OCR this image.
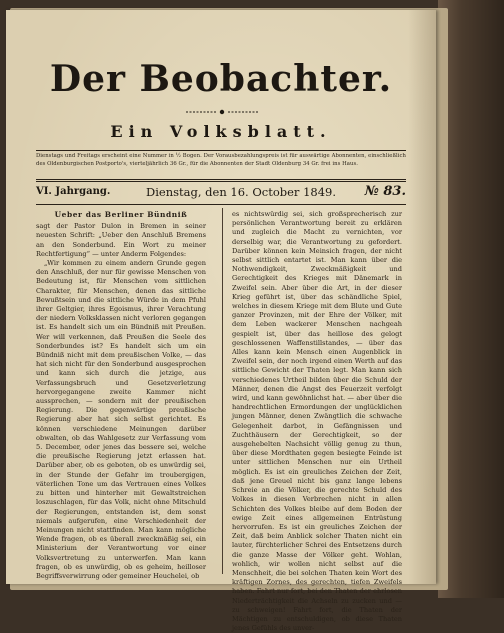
Der Beobachter.
Ein Volksblatt.
Dienstags und Freitags erscheint eine Nummer in ½ Bogen. Der Vorausbezahlungspreis ist für auswärtige Abonnenten, einschließlich des Oldenburgischen Postporto's, vierteljährlich 36 Gr., für die Abonnenten der Stadt Oldenburg 34 Gr. frei ins Haus.
VI. Jahrgang.	Dienstag, den 16. October 1849. № 83.
Ueber das Berliner Bündniß

sagt der Pastor Dulon in Bremen in seiner neuesten Schrift: „Ueber den Anschluß Bremens an den Sonderbund. Ein Wort zu meiner Rechtfertigung“ — unter Anderm Folgendes:

„Wir kommen zu einem andern Grunde gegen den Anschluß, der nur für gewisse Menschen von Bedeutung ist, für Menschen vom sittlichen Charakter, für Menschen, denen das sittliche Bewußtsein und die sittliche Würde in dem Pfuhl ihrer Geltgier, ihres Egoismus, ihrer Verachtung der niedern Volksklassen nicht verloren gegangen ist. Es handelt sich um ein Bündniß mit Preußen. Wer will verkennen, daß Preußen die Seele des Sonderbundes ist? Es handelt sich um ein Bündniß nicht mit dem preußischen Volke, — das hat sich nicht für den Sonderbund ausgesprochen und kann sich durch die jetzige, aus Verfassungsbruch und Gesetzverletzung hervorgegangene zweite Kammer nicht aussprechen, — sondern mit der preußischen Regierung. Die gegenwärtige preußische Regierung aber hat sich selbst gerichtet. Es können verschiedene Meinungen darüber obwalten, ob das Wahlgesetz zur Verfassung vom 5. December, oder jenes das bessere sei, welche die preußische Regierung jetzt erlassen hat. Darüber aber, ob es geboten, ob es unwürdig sei, in der Stunde der Gefahr im troubergigen, väterlichen Tone um das Vertrauen eines Volkes zu bitten und hinterher mit Gewaltstreichen loszuschlagen, für das Volk, nicht ohne Mitschuld der Regierungen, entstanden ist, dem sonst niemals aufgerufen, eine Verschiedenheit der Meinungen nicht stattfinden. Man kann mögliche Wende fragen, ob es überall zweckmäßig sei, ein Ministerium der Verantwortung vor einer Volksvertretung zu unterwerfen. Man kann fragen, ob es unwürdig, ob es geheim, heilloser Begriffsverwirrung oder gemeiner Heuchelei, ob

es nichtswürdig sei, sich großsprecherisch zur persönlichen Verantwortung bereit zu erklären und zugleich die Macht zu vernichten, vor derselbig war, die Verantwortung zu gefordert. Darüber können kein Meinsich fragen, der nicht selbst sittlich entartet ist. Man kann über die Nothwendigkeit, Zweckmäßigkeit und Gerechtigkeit des Krieges mit Dänemark in Zweifel sein. Aber über die Art, in der dieser Krieg geführt ist, über das schändliche Spiel, welches in diesem Kriege mit dem Blute und Gute ganzer Provinzen, mit der Ehre der Völker, mit dem Leben wackerer Menschen nachgeah gespielt ist, über das heillose des gelogt geschlossenen Waffenstillstandes, — über das Alles kann kein Mensch einen Augenblick in Zweifel sein, der noch irgend einen Werth auf das sittliche Gewicht der Thaten legt. Man kann sich verschiedenes Urtheil bilden über die Schuld der Männer, denen die Angst des Feuerzeit verfolgt wird, und kann gewöhnlichst hat. — aber über die handrechtlichen Ermordungen der unglücklichen jungen Männer, denen Zwängtlich die schwache Gelegenheit darbot, in Gefängnissen und Zuchthäusern der Gerechtigkeit, so der ausgehebelten Nachsicht völlig genug zu thun, über diese Mordthaten gegen besiegte Feinde ist unter sittlichen Menschen nur ein Urtheil möglich. Es ist ein greuliches Zeichen der Zeit, daß jene Greuel nicht bis ganz lange lebens Schreie an die Völker, die gerechte Schuld des Volkes in diesen Verbrechen nicht in allen Schichten des Volkes bleibe auf dem Boden der ewige Zeit eines allgemeinen Entrüstung hervorrufen. Es ist ein greuliches Zeichen der Zeit, daß beim Anblick solcher Thaten nicht ein lauter, fürchterlicher Schrei des Entsetzens durch die ganze Masse der Völker geht. Wohlan, wohlich, wir wollen nicht selbst auf die Menschheit, die bei solchen Thaten kein Wort des kräftigen Zornes, des gerechten, tiefen Zweifels haben. Fahrt nur fort, bei den Thaten der ehrlosen Niederträchtigkeit die Achseln zu zucken und — zu schweigen! Fahrt fort, die Thaten der Mächtigen zu entschuldigen, ob diese Thaten jenes Gefühls des unver-
